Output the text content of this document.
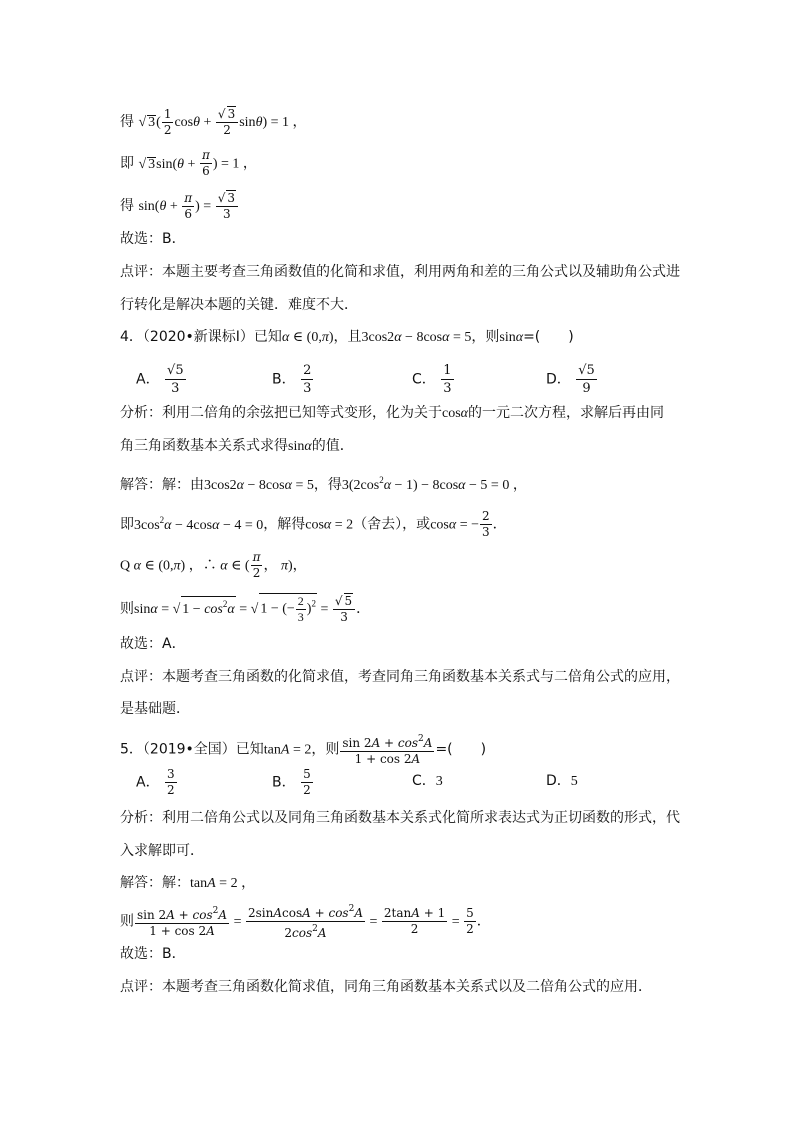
得 √ $3( \frac{1}{2}$ $\cos\theta + \frac{√ 3}{2} \sin\theta) = 1$ ，
即 √ $3\sin(\theta + \frac{\pi}{6}$ ) = 1 ，
得 $\sin(\theta + \frac{\pi}{6}$ ) = $\frac{√ 3}{3}$
故选：B．
点评：本题主要考查三角函数值的化简和求值，利用两角和差的三角公式以及辅助角公式进
行转化是解决本题的关键．难度不大．
4．（2020•新课标Ⅰ）已知α ∈ (0,π)，且3cos2α − 8cosα = 5，则sinα=(　　)
A． $\frac{√5}{3}$	B． $\frac{2}{3}$	C． $\frac{1}{3}$	D． $\frac{√5}{9}$
分析：利用二倍角的余弦把已知等式变形，化为关于cosα的一元二次方程，求解后再由同
角三角函数基本关系式求得sinα的值．
解答：解：由3cos2α − 8cosα = 5，得$3(2\cos^2\alpha - 1) - 8\cos\alpha - 5 = 0$ ，
即$3\cos^2\alpha - 4\cos\alpha - 4 = 0$，解得cosα = 2（舍去），或cosα = − $\frac{2}{3}$ ．
Q α ∈ (0,π) ，∴ α ∈ ( $\frac{\pi}{2}$ ， π)，
则sinα = √ $1 - \cos^2\alpha$ = √ 1 − (− $\frac{2}{3} )^2 = \frac{√ 5}{3}$ ．
故选：A．
点评：本题考查三角函数的化简求值，考查同角三角函数基本关系式与二倍角公式的应用，
是基础题．
5．（2019•全国）已知tanA = 2，则 $\frac{\sin 2A + \cos^2A}{1 + \cos 2A}$ =(　　)
A． $\frac{3}{2}$	B． $\frac{5}{2}$	C．3	D．5
分析：利用二倍角公式以及同角三角函数基本关系式化简所求表达式为正切函数的形式，代
入求解即可．
解答：解：tanA = 2 ，
则 $\frac{\sin 2A + \cos^2A}{1 + \cos 2A} = \frac{2sinAcosA + \cos^2A}{2\cos^2A} = \frac{2\tan A + 1}{2} = \frac{5}{2}$ ．
故选：B．
点评：本题考查三角函数化简求值，同角三角函数基本关系式以及二倍角公式的应用．
